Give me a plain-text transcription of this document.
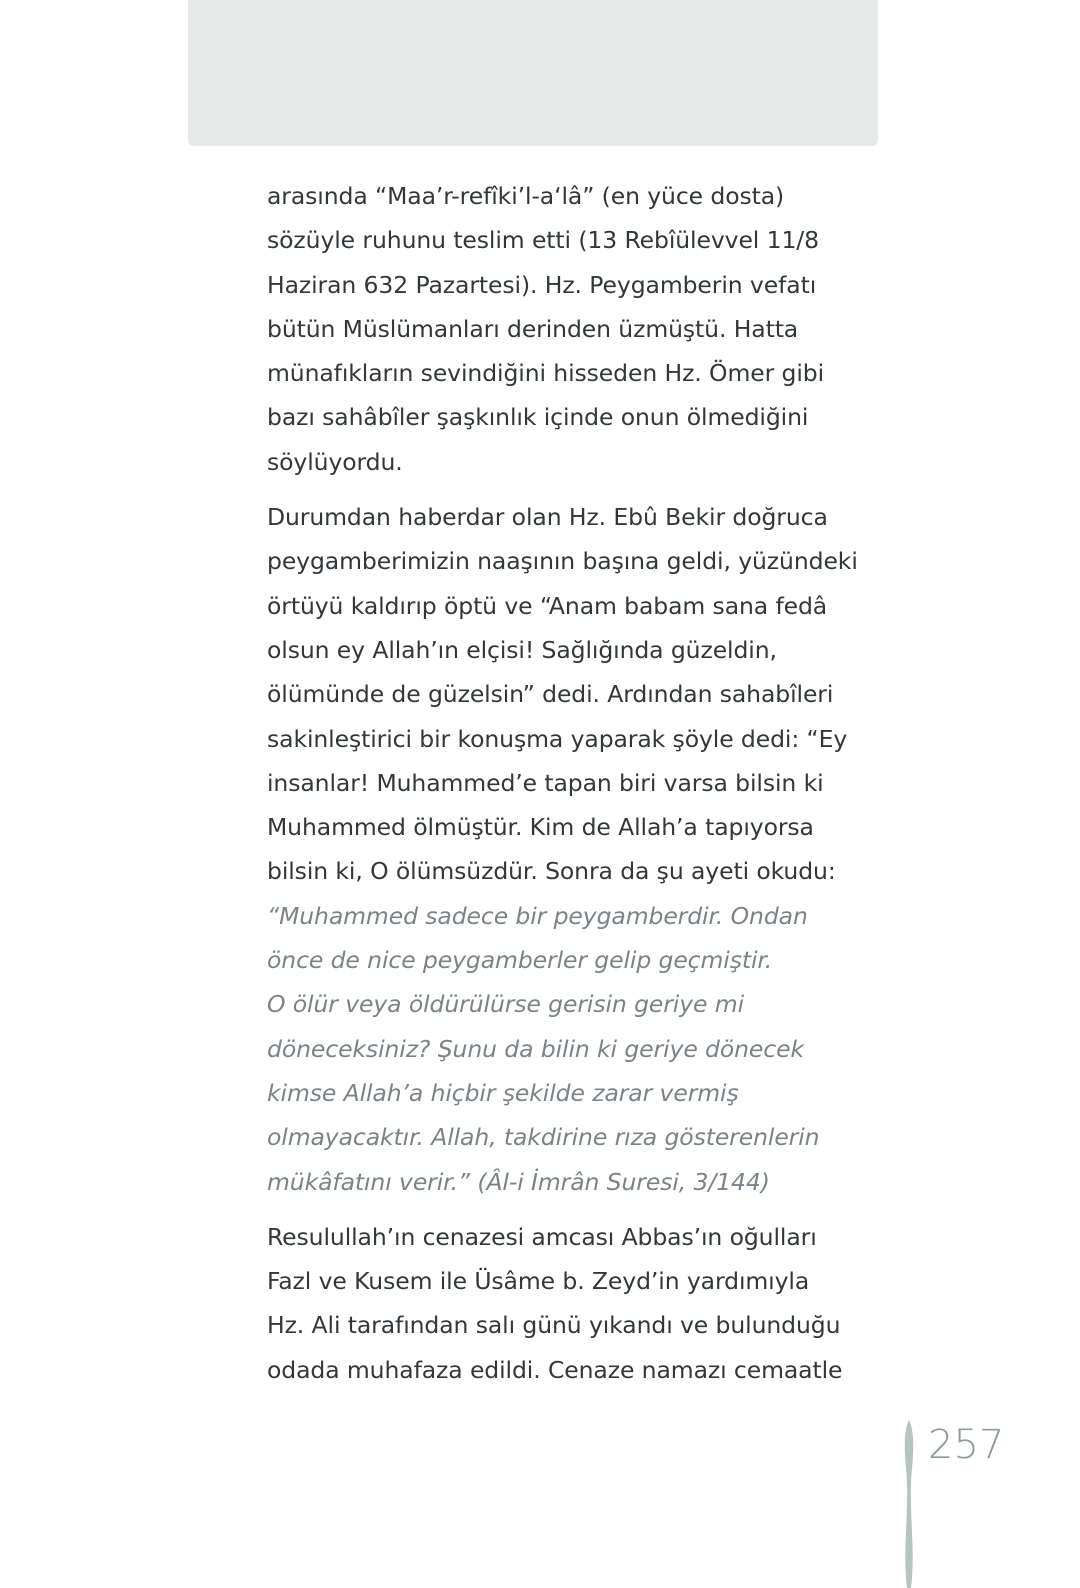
arasında “Maa’r-refîki’l-a‘lâ” (en yüce dosta)
sözüyle ruhunu teslim etti (13 Rebîülevvel 11/8
Haziran 632 Pazartesi). Hz. Peygamberin vefatı
bütün Müslümanları derinden üzmüştü. Hatta
münafıkların sevindiğini hisseden Hz. Ömer gibi
bazı sahâbîler şaşkınlık içinde onun ölmediğini
söylüyordu.

Durumdan haberdar olan Hz. Ebû Bekir doğruca
peygamberimizin naaşının başına geldi, yüzündeki
örtüyü kaldırıp öptü ve “Anam babam sana fedâ
olsun ey Allah’ın elçisi! Sağlığında güzeldin,
ölümünde de güzelsin” dedi. Ardından sahabîleri
sakinleştirici bir konuşma yaparak şöyle dedi: “Ey
insanlar! Muhammed’e tapan biri varsa bilsin ki
Muhammed ölmüştür. Kim de Allah’a tapıyorsa
bilsin ki, O ölümsüzdür. Sonra da şu ayeti okudu:
“Muhammed sadece bir peygamberdir. Ondan
önce de nice peygamberler gelip geçmiştir.
O ölür veya öldürülürse gerisin geriye mi
döneceksiniz? Şunu da bilin ki geriye dönecek
kimse Allah’a hiçbir şekilde zarar vermiş
olmayacaktır. Allah, takdirine rıza gösterenlerin
mükâfatını verir.” (Âl-i İmrân Suresi, 3/144)

Resulullah’ın cenazesi amcası Abbas’ın oğulları
Fazl ve Kusem ile Üsâme b. Zeyd’in yardımıyla
Hz. Ali tarafından salı günü yıkandı ve bulunduğu
odada muhafaza edildi. Cenaze namazı cemaatle

257
